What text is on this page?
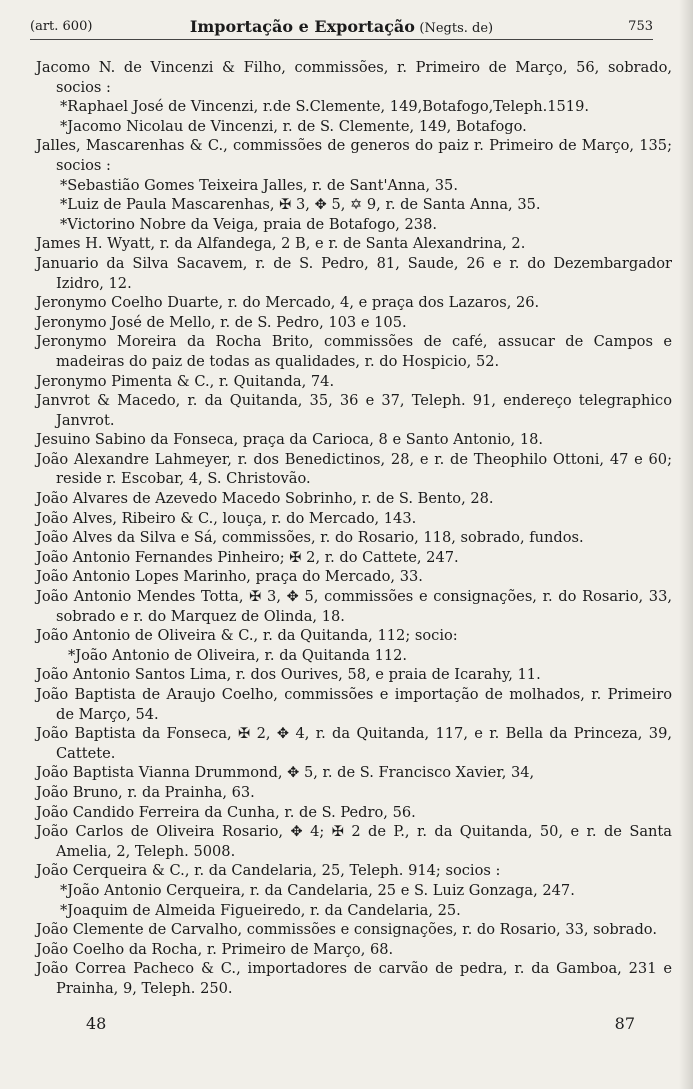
(art. 600)	Importação e Exportação (Negts. de)	753

Jacomo N. de Vincenzi & Filho, commissões, r. Primeiro de Março, 56, sobrado, socios :

*Raphael José de Vincenzi, r.de S.Clemente, 149,Botafogo,Teleph.1519.

*Jacomo Nicolau de Vincenzi, r. de S. Clemente, 149, Botafogo.

Jalles, Mascarenhas & C., commissões de generos do paiz r. Primeiro de Março, 135; socios :

*Sebastião Gomes Teixeira Jalles, r. de Sant'Anna, 35.

*Luiz de Paula Mascarenhas, ✠ 3, ✥ 5, ✡ 9, r. de Santa Anna, 35.

*Victorino Nobre da Veiga, praia de Botafogo, 238.

James H. Wyatt, r. da Alfandega, 2 B, e r. de Santa Alexandrina, 2.

Januario da Silva Sacavem, r. de S. Pedro, 81, Saude, 26 e r. do Dezembargador Izidro, 12.

Jeronymo Coelho Duarte, r. do Mercado, 4, e praça dos Lazaros, 26.

Jeronymo José de Mello, r. de S. Pedro, 103 e 105.

Jeronymo Moreira da Rocha Brito, commissões de café, assucar de Campos e madeiras do paiz de todas as qualidades, r. do Hospicio, 52.

Jeronymo Pimenta & C., r. Quitanda, 74.

Janvrot & Macedo, r. da Quitanda, 35, 36 e 37, Teleph. 91, endereço telegraphico Janvrot.

Jesuino Sabino da Fonseca, praça da Carioca, 8 e Santo Antonio, 18.

João Alexandre Lahmeyer, r. dos Benedictinos, 28, e r. de Theophilo Ottoni, 47 e 60; reside r. Escobar, 4, S. Christovão.

João Alvares de Azevedo Macedo Sobrinho, r. de S. Bento, 28.

João Alves, Ribeiro & C., louça, r. do Mercado, 143.

João Alves da Silva e Sá, commissões, r. do Rosario, 118, sobrado, fundos.

João Antonio Fernandes Pinheiro; ✠ 2, r. do Cattete, 247.

João Antonio Lopes Marinho, praça do Mercado, 33.

João Antonio Mendes Totta, ✠ 3, ✥ 5, commissões e consignações, r. do Rosario, 33, sobrado e r. do Marquez de Olinda, 18.

João Antonio de Oliveira & C., r. da Quitanda, 112; socio:

*João Antonio de Oliveira, r. da Quitanda 112.

João Antonio Santos Lima, r. dos Ourives, 58, e praia de Icarahy, 11.

João Baptista de Araujo Coelho, commissões e importação de molhados, r. Primeiro de Março, 54.

João Baptista da Fonseca, ✠ 2, ✥ 4, r. da Quitanda, 117, e r. Bella da Princeza, 39, Cattete.

João Baptista Vianna Drummond, ✥ 5, r. de S. Francisco Xavier, 34,

João Bruno, r. da Prainha, 63.

João Candido Ferreira da Cunha, r. de S. Pedro, 56.

João Carlos de Oliveira Rosario, ✥ 4; ✠ 2 de P., r. da Quitanda, 50, e r. de Santa Amelia, 2, Teleph. 5008.

João Cerqueira & C., r. da Candelaria, 25, Teleph. 914; socios :

*João Antonio Cerqueira, r. da Candelaria, 25 e S. Luiz Gonzaga, 247.

*Joaquim de Almeida Figueiredo, r. da Candelaria, 25.

João Clemente de Carvalho, commissões e consignações, r. do Rosario, 33, sobrado.

João Coelho da Rocha, r. Primeiro de Março, 68.

João Correa Pacheco & C., importadores de carvão de pedra, r. da Gamboa, 231 e Prainha, 9, Teleph. 250.

48	87
